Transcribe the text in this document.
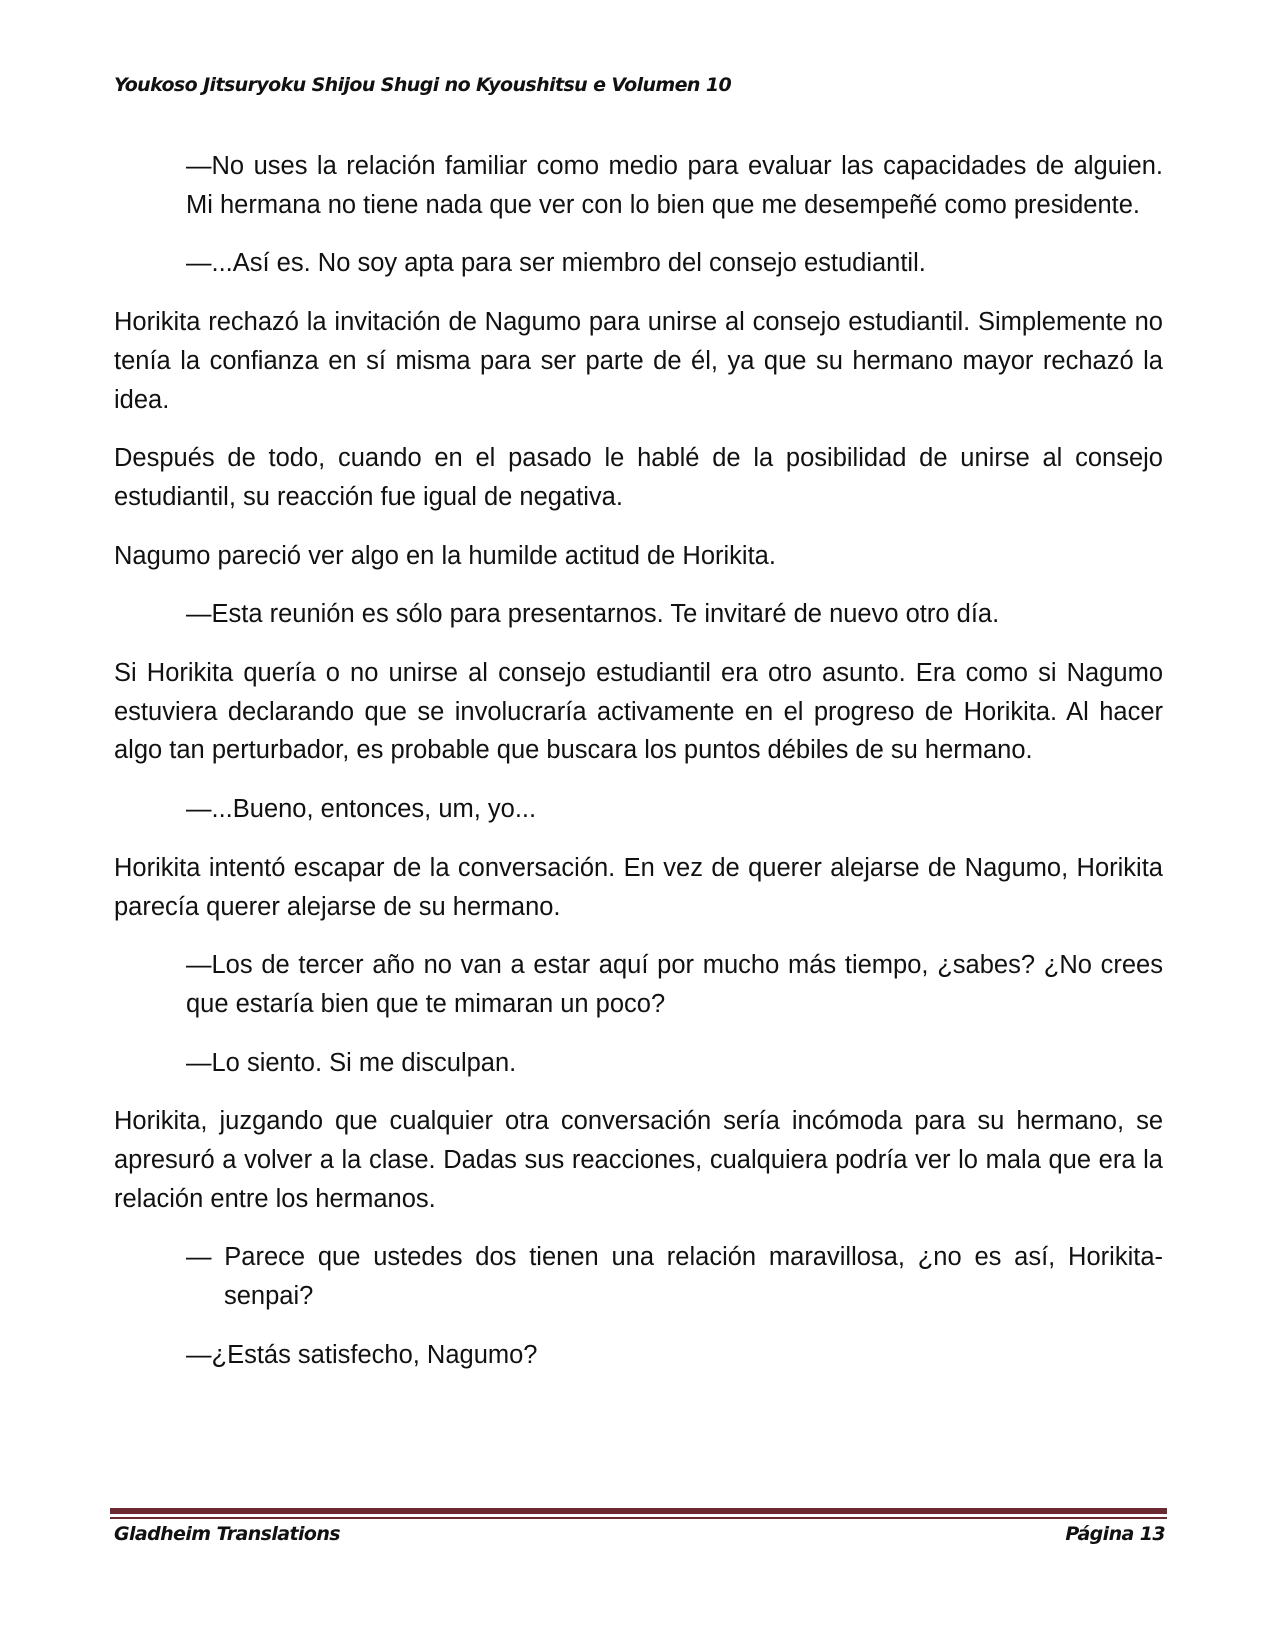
Youkoso Jitsuryoku Shijou Shugi no Kyoushitsu e Volumen 10

—No uses la relación familiar como medio para evaluar las capacidades de alguien. Mi hermana no tiene nada que ver con lo bien que me desempeñé como presidente.

—...Así es. No soy apta para ser miembro del consejo estudiantil.

Horikita rechazó la invitación de Nagumo para unirse al consejo estudiantil. Simplemente no tenía la confianza en sí misma para ser parte de él, ya que su hermano mayor rechazó la idea.

Después de todo, cuando en el pasado le hablé de la posibilidad de unirse al consejo estudiantil, su reacción fue igual de negativa.

Nagumo pareció ver algo en la humilde actitud de Horikita.

—Esta reunión es sólo para presentarnos. Te invitaré de nuevo otro día.

Si Horikita quería o no unirse al consejo estudiantil era otro asunto. Era como si Nagumo estuviera declarando que se involucraría activamente en el progreso de Horikita. Al hacer algo tan perturbador, es probable que buscara los puntos débiles de su hermano.

—...Bueno, entonces, um, yo...

Horikita intentó escapar de la conversación. En vez de querer alejarse de Nagumo, Horikita parecía querer alejarse de su hermano.

—Los de tercer año no van a estar aquí por mucho más tiempo, ¿sabes? ¿No crees que estaría bien que te mimaran un poco?

—Lo siento. Si me disculpan.

Horikita, juzgando que cualquier otra conversación sería incómoda para su hermano, se apresuró a volver a la clase. Dadas sus reacciones, cualquiera podría ver lo mala que era la relación entre los hermanos.

— Parece que ustedes dos tienen una relación maravillosa, ¿no es así, Horikita-senpai?

—¿Estás satisfecho, Nagumo?

Gladheim Translations	Página 13
